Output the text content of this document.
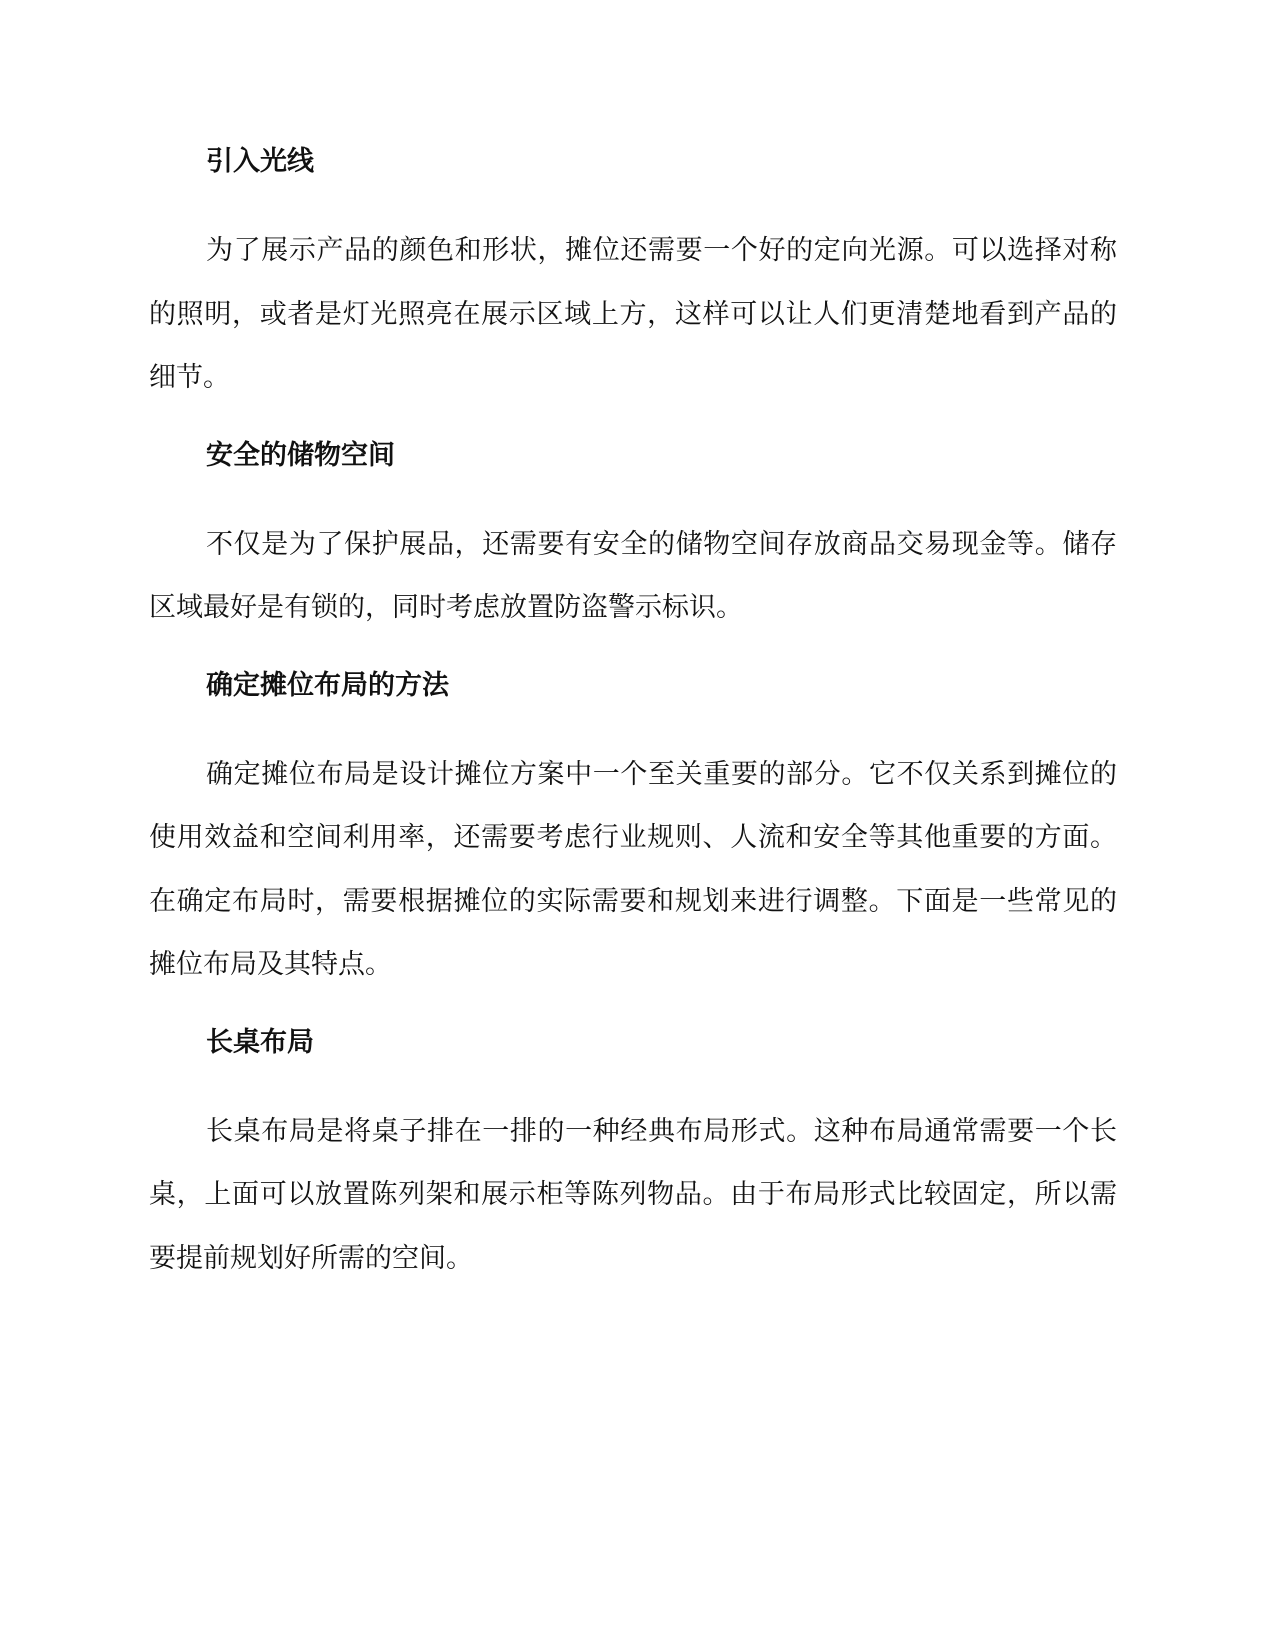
引入光线

为了展示产品的颜色和形状，摊位还需要一个好的定向光源。可以选择对称的照明，或者是灯光照亮在展示区域上方，这样可以让人们更清楚地看到产品的细节。

安全的储物空间

不仅是为了保护展品，还需要有安全的储物空间存放商品交易现金等。储存区域最好是有锁的，同时考虑放置防盗警示标识。

确定摊位布局的方法

确定摊位布局是设计摊位方案中一个至关重要的部分。它不仅关系到摊位的使用效益和空间利用率，还需要考虑行业规则、人流和安全等其他重要的方面。在确定布局时，需要根据摊位的实际需要和规划来进行调整。下面是一些常见的摊位布局及其特点。

长桌布局

长桌布局是将桌子排在一排的一种经典布局形式。这种布局通常需要一个长桌，上面可以放置陈列架和展示柜等陈列物品。由于布局形式比较固定，所以需要提前规划好所需的空间。
